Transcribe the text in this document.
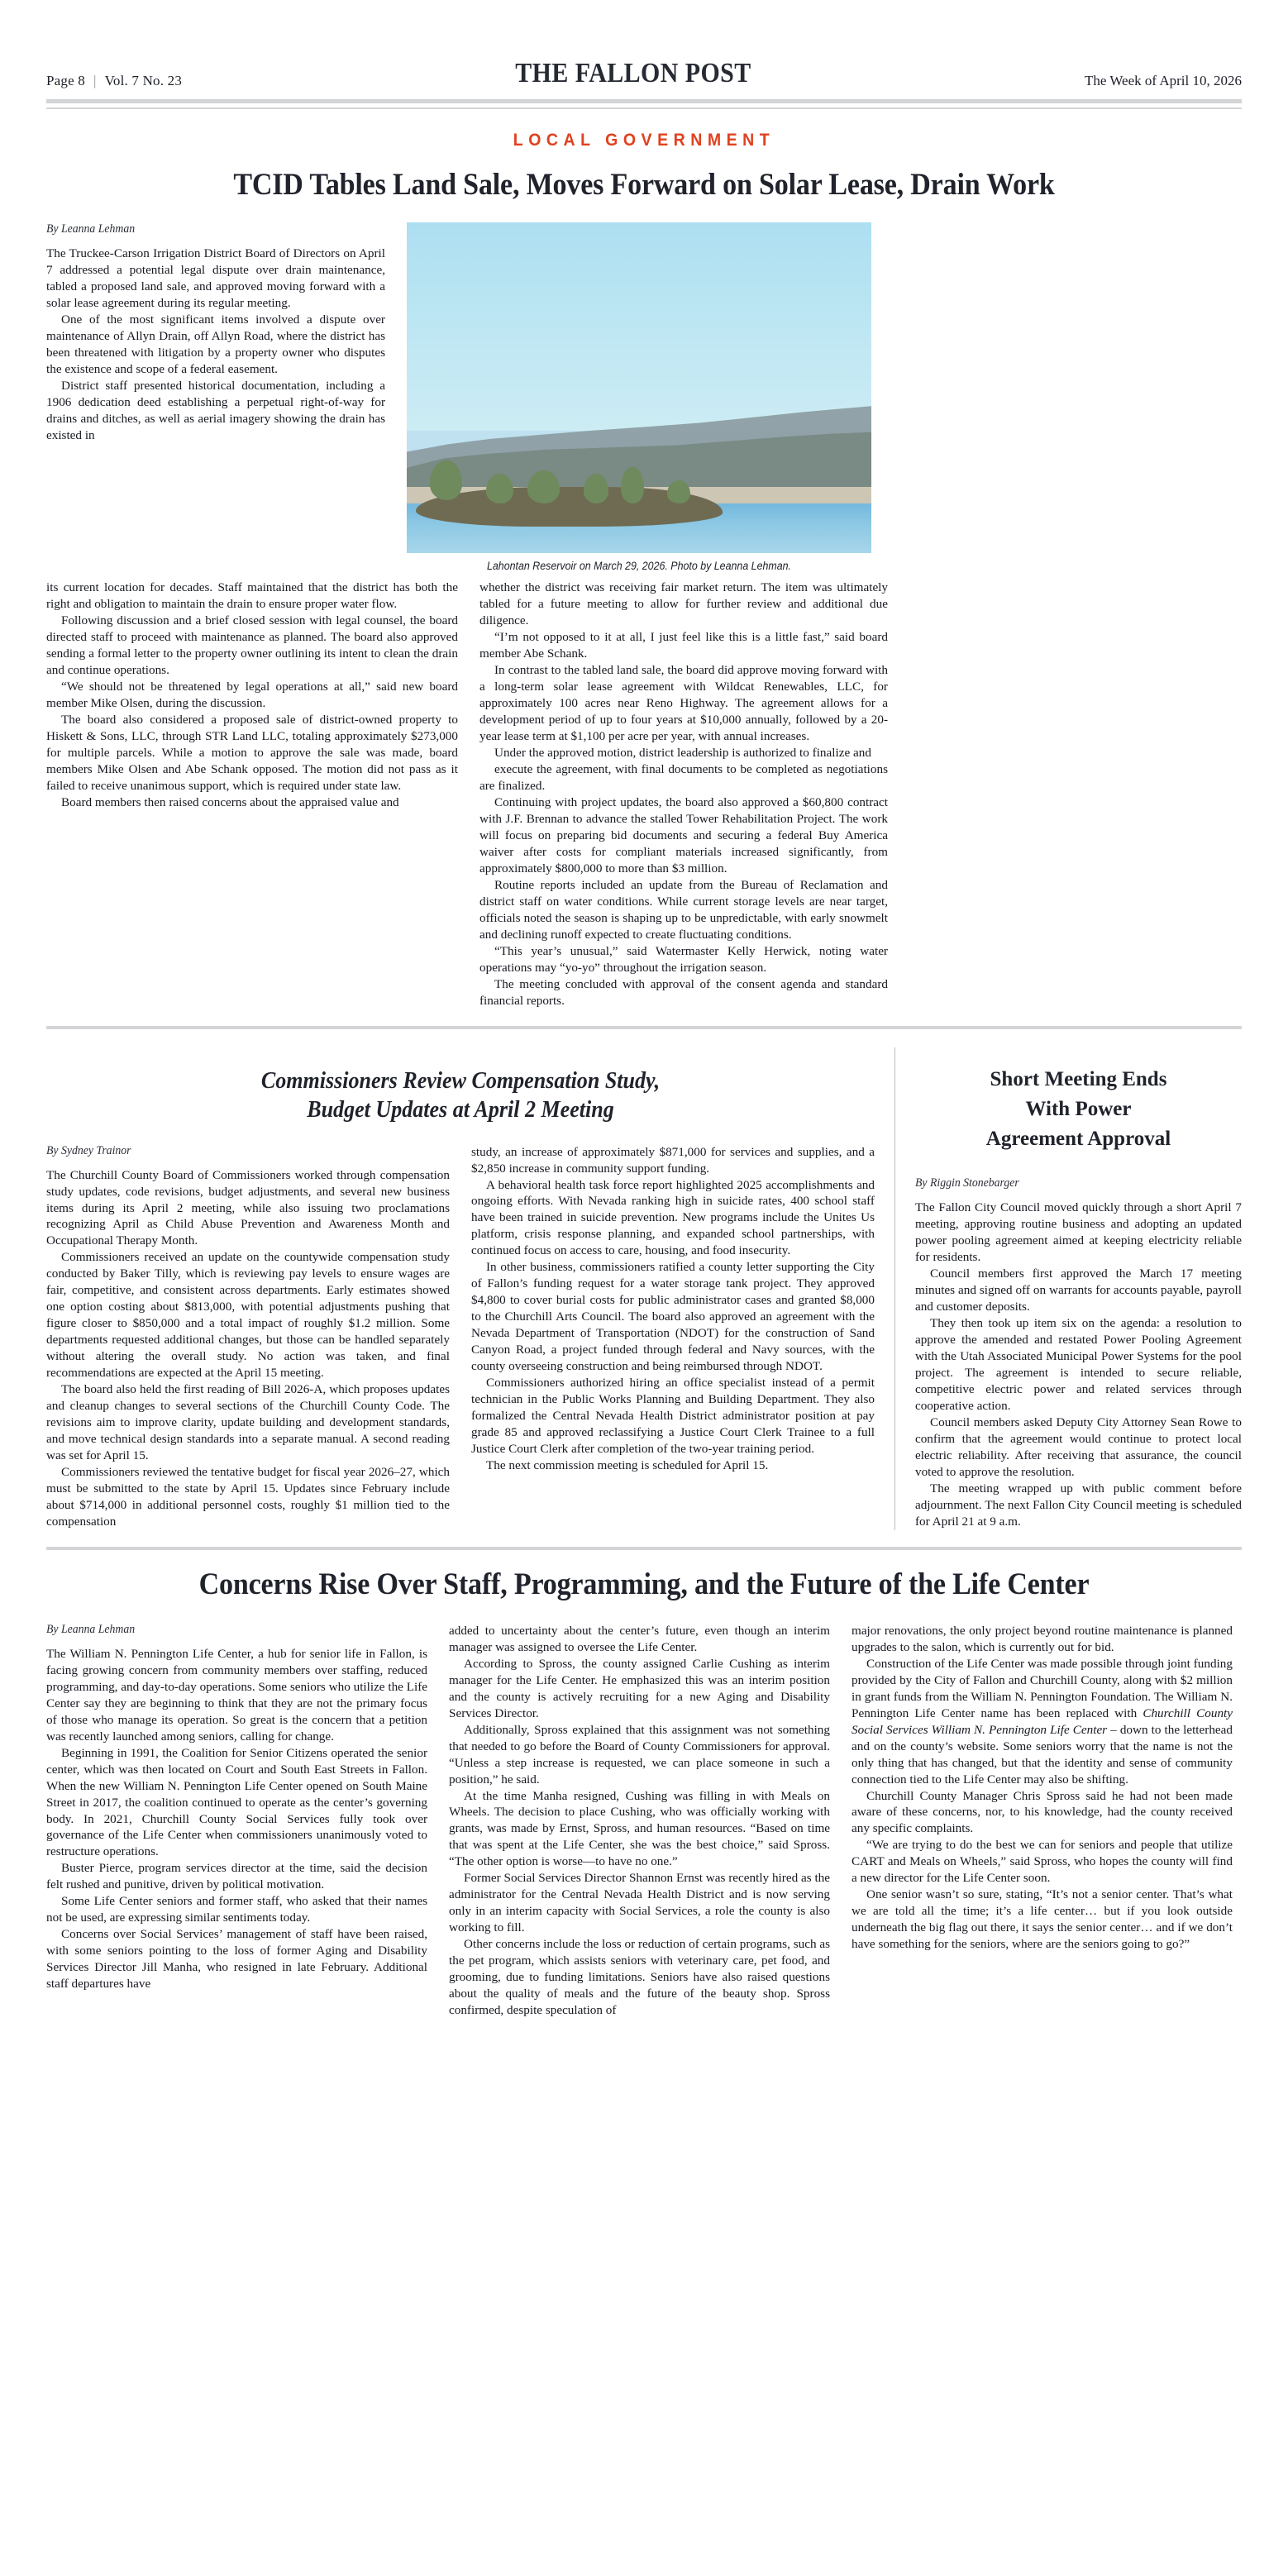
Page 8 | Vol. 7 No. 23	THE FALLON POST	The Week of April 10, 2026
LOCAL GOVERNMENT
TCID Tables Land Sale, Moves Forward on Solar Lease, Drain Work
By Leanna Lehman

The Truckee-Carson Irrigation District Board of Directors on April 7 addressed a potential legal dispute over drain maintenance, tabled a proposed land sale, and approved moving forward with a solar lease agreement during its regular meeting.

One of the most significant items involved a dispute over maintenance of Allyn Drain, off Allyn Road, where the district has been threatened with litigation by a property owner who disputes the existence and scope of a federal easement.

District staff presented historical documentation, including a 1906 dedication deed establishing a perpetual right-of-way for drains and ditches, as well as aerial imagery showing the drain has existed in

Lahontan Reservoir on March 29, 2026. Photo by Leanna Lehman.

its current location for decades. Staff maintained that the district has both the right and obligation to maintain the drain to ensure proper water flow.

Following discussion and a brief closed session with legal counsel, the board directed staff to proceed with maintenance as planned. The board also approved sending a formal letter to the property owner outlining its intent to clean the drain and continue operations.

“We should not be threatened by legal operations at all,” said new board member Mike Olsen, during the discussion.

The board also considered a proposed sale of district-owned property to Hiskett & Sons, LLC, through STR Land LLC, totaling approximately $273,000 for multiple parcels. While a motion to approve the sale was made, board members Mike Olsen and Abe Schank opposed. The motion did not pass as it failed to receive unanimous support, which is required under state law.

Board members then raised concerns about the appraised value and

whether the district was receiving fair market return. The item was ultimately tabled for a future meeting to allow for further review and additional due diligence.

“I’m not opposed to it at all, I just feel like this is a little fast,” said board member Abe Schank.

In contrast to the tabled land sale, the board did approve moving forward with a long-term solar lease agreement with Wildcat Renewables, LLC, for approximately 100 acres near Reno Highway. The agreement allows for a development period of up to four years at $10,000 annually, followed by a 20-year lease term at $1,100 per acre per year, with annual increases.

Under the approved motion, district leadership is authorized to finalize and

execute the agreement, with final documents to be completed as negotiations are finalized.

Continuing with project updates, the board also approved a $60,800 contract with J.F. Brennan to advance the stalled Tower Rehabilitation Project. The work will focus on preparing bid documents and securing a federal Buy America waiver after costs for compliant materials increased significantly, from approximately $800,000 to more than $3 million.

Routine reports included an update from the Bureau of Reclamation and district staff on water conditions. While current storage levels are near target, officials noted the season is shaping up to be unpredictable, with early snowmelt and declining runoff expected to create fluctuating conditions.

“This year’s unusual,” said Watermaster Kelly Herwick, noting water operations may “yo-yo” throughout the irrigation season.

The meeting concluded with approval of the consent agenda and standard financial reports.

Commissioners Review Compensation Study,
Budget Updates at April 2 Meeting
By Sydney Trainor

The Churchill County Board of Commissioners worked through compensation study updates, code revisions, budget adjustments, and several new business items during its April 2 meeting, while also issuing two proclamations recognizing April as Child Abuse Prevention and Awareness Month and Occupational Therapy Month.

Commissioners received an update on the countywide compensation study conducted by Baker Tilly, which is reviewing pay levels to ensure wages are fair, competitive, and consistent across departments. Early estimates showed one option costing about $813,000, with potential adjustments pushing that figure closer to $850,000 and a total impact of roughly $1.2 million. Some departments requested additional changes, but those can be handled separately without altering the overall study. No action was taken, and final recommendations are expected at the April 15 meeting.

The board also held the first reading of Bill 2026-A, which proposes updates and cleanup changes to several sections of the Churchill County Code. The revisions aim to improve clarity, update building and development standards, and move technical design standards into a separate manual. A second reading was set for April 15.

Commissioners reviewed the tentative budget for fiscal year 2026–27, which must be submitted to the state by April 15. Updates since February include about $714,000 in additional personnel costs, roughly $1 million tied to the compensation

study, an increase of approximately $871,000 for services and supplies, and a $2,850 increase in community support funding.

A behavioral health task force report highlighted 2025 accomplishments and ongoing efforts. With Nevada ranking high in suicide rates, 400 school staff have been trained in suicide prevention. New programs include the Unites Us platform, crisis response planning, and expanded school partnerships, with continued focus on access to care, housing, and food insecurity.

In other business, commissioners ratified a county letter supporting the City of Fallon’s funding request for a water storage tank project. They approved $4,800 to cover burial costs for public administrator cases and granted $8,000 to the Churchill Arts Council. The board also approved an agreement with the Nevada Department of Transportation (NDOT) for the construction of Sand Canyon Road, a project funded through federal and Navy sources, with the county overseeing construction and being reimbursed through NDOT.

Commissioners authorized hiring an office specialist instead of a permit technician in the Public Works Planning and Building Department. They also formalized the Central Nevada Health District administrator position at pay grade 85 and approved reclassifying a Justice Court Clerk Trainee to a full Justice Court Clerk after completion of the two-year training period.

The next commission meeting is scheduled for April 15.

Short Meeting Ends
With Power
Agreement Approval
By Riggin Stonebarger

The Fallon City Council moved quickly through a short April 7 meeting, approving routine business and adopting an updated power pooling agreement aimed at keeping electricity reliable for residents.

Council members first approved the March 17 meeting minutes and signed off on warrants for accounts payable, payroll and customer deposits.

They then took up item six on the agenda: a resolution to approve the amended and restated Power Pooling Agreement with the Utah Associated Municipal Power Systems for the pool project. The agreement is intended to secure reliable, competitive electric power and related services through cooperative action.

Council members asked Deputy City Attorney Sean Rowe to confirm that the agreement would continue to protect local electric reliability. After receiving that assurance, the council voted to approve the resolution.

The meeting wrapped up with public comment before adjournment. The next Fallon City Council meeting is scheduled for April 21 at 9 a.m.

Concerns Rise Over Staff, Programming, and the Future of the Life Center
By Leanna Lehman

The William N. Pennington Life Center, a hub for senior life in Fallon, is facing growing concern from community members over staffing, reduced programming, and day-to-day operations. Some seniors who utilize the Life Center say they are beginning to think that they are not the primary focus of those who manage its operation. So great is the concern that a petition was recently launched among seniors, calling for change.

Beginning in 1991, the Coalition for Senior Citizens operated the senior center, which was then located on Court and South East Streets in Fallon. When the new William N. Pennington Life Center opened on South Maine Street in 2017, the coalition continued to operate as the center’s governing body. In 2021, Churchill County Social Services fully took over governance of the Life Center when commissioners unanimously voted to restructure operations.

Buster Pierce, program services director at the time, said the decision felt rushed and punitive, driven by political motivation.

Some Life Center seniors and former staff, who asked that their names not be used, are expressing similar sentiments today.

Concerns over Social Services’ management of staff have been raised, with some seniors pointing to the loss of former Aging and Disability Services Director Jill Manha, who resigned in late February. Additional staff departures have

added to uncertainty about the center’s future, even though an interim manager was assigned to oversee the Life Center.

According to Spross, the county assigned Carlie Cushing as interim manager for the Life Center. He emphasized this was an interim position and the county is actively recruiting for a new Aging and Disability Services Director.

Additionally, Spross explained that this assignment was not something that needed to go before the Board of County Commissioners for approval. “Unless a step increase is requested, we can place someone in such a position,” he said.

At the time Manha resigned, Cushing was filling in with Meals on Wheels. The decision to place Cushing, who was officially working with grants, was made by Ernst, Spross, and human resources. “Based on time that was spent at the Life Center, she was the best choice,” said Spross. “The other option is worse—to have no one.”

Former Social Services Director Shannon Ernst was recently hired as the administrator for the Central Nevada Health District and is now serving only in an interim capacity with Social Services, a role the county is also working to fill.

Other concerns include the loss or reduction of certain programs, such as the pet program, which assists seniors with veterinary care, pet food, and grooming, due to funding limitations. Seniors have also raised questions about the quality of meals and the future of the beauty shop. Spross confirmed, despite speculation of

major renovations, the only project beyond routine maintenance is planned upgrades to the salon, which is currently out for bid.

Construction of the Life Center was made possible through joint funding provided by the City of Fallon and Churchill County, along with $2 million in grant funds from the William N. Pennington Foundation. The William N. Pennington Life Center name has been replaced with Churchill County Social Services William N. Pennington Life Center – down to the letterhead and on the county’s website. Some seniors worry that the name is not the only thing that has changed, but that the identity and sense of community connection tied to the Life Center may also be shifting.

Churchill County Manager Chris Spross said he had not been made aware of these concerns, nor, to his knowledge, had the county received any specific complaints.

“We are trying to do the best we can for seniors and people that utilize CART and Meals on Wheels,” said Spross, who hopes the county will find a new director for the Life Center soon.

One senior wasn’t so sure, stating, “It’s not a senior center. That’s what we are told all the time; it’s a life center… but if you look outside underneath the big flag out there, it says the senior center… and if we don’t have something for the seniors, where are the seniors going to go?”
